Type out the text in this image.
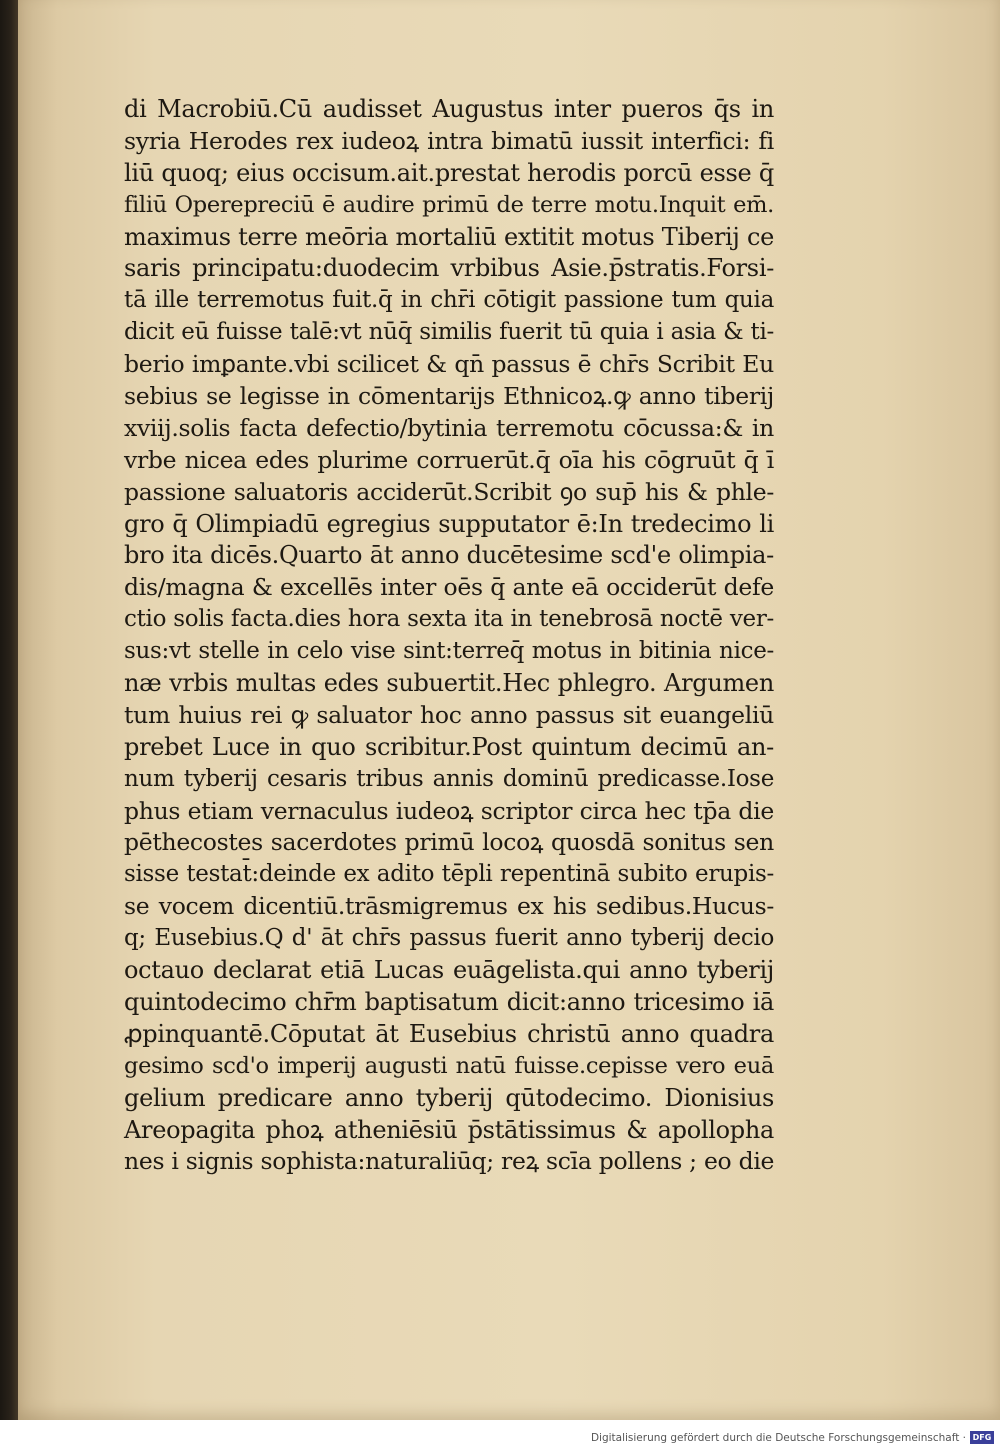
di Macrobiū.Cū audisset Augustus inter pueros q̄s in
syria Herodes rex iudeoꝝ intra bimatū iussit interfici: fi
liū quoq; eius occisum.ait.prestat herodis porcū esse q̄
filiū Operepreciū ē audire primū de terre motu.Inquit em̄.
maximus terre meōria mortaliū extitit motus Tiberij ce
saris principatu:duodecim vrbibus Asie.p̄stratis.Forsi-
tā ille terremotus fuit.q̄ in chr̄i cōtigit passione tum quia
dicit eū fuisse talē:vt nūq̄ similis fuerit tū quia i asia & ti-
berio imꝑante.vbi scilicet & qn̄ passus ē chr̄s Scribit Eu
sebius se legisse in cōmentarijs Ethnicoꝝ.ꝙ anno tiberij
xviij.solis facta defectio/bytinia terremotu cōcussa:& in
vrbe nicea edes plurime corruerūt.q̄ oīa his cōgruūt q̄ ī
passione saluatoris acciderūt.Scribit ꝯo sup̄ his & phle-
gro q̄ Olimpiadū egregius supputator ē:In tredecimo li
bro ita dicēs.Quarto āt anno ducētesime scd'e olimpia-
dis/magna & excellēs inter oēs q̄ ante eā occiderūt defe
ctio solis facta.dies hora sexta ita in tenebrosā noctē ver-
sus:vt stelle in celo vise sint:terreq̄ motus in bitinia nice-
næ vrbis multas edes subuertit.Hec phlegro. Argumen
tum huius rei ꝙ saluator hoc anno passus sit euangeliū
prebet Luce in quo scribitur.Post quintum decimū an-
num tyberij cesaris tribus annis dominū predicasse.Iose
phus etiam vernaculus iudeoꝝ scriptor circa hec tp̄a die
pēthecostes sacerdotes primū locoꝝ quosdā sonitus sen
sisse testat̄:deinde ex adito tēpli repentinā subito erupis-
se vocem dicentiū.trāsmigremus ex his sedibus.Hucus-
q; Eusebius.Q d' āt chr̄s passus fuerit anno tyberij decio
octauo declarat etiā Lucas euāgelista.qui anno tyberij
quintodecimo chr̄m baptisatum dicit:anno tricesimo iā
ꝓpinquantē.Cōputat āt Eusebius christū anno quadra
gesimo scd'o imperij augusti natū fuisse.cepisse vero euā
gelium predicare anno tyberij qūtodecimo. Dionisius
Areopagita phoꝝ atheniēsiū p̄stātissimus & apollopha
nes i signis sophista:naturaliūq; reꝝ scīa pollens ; eo die
Digitalisierung gefördert durch die Deutsche Forschungsgemeinschaft · DFG
